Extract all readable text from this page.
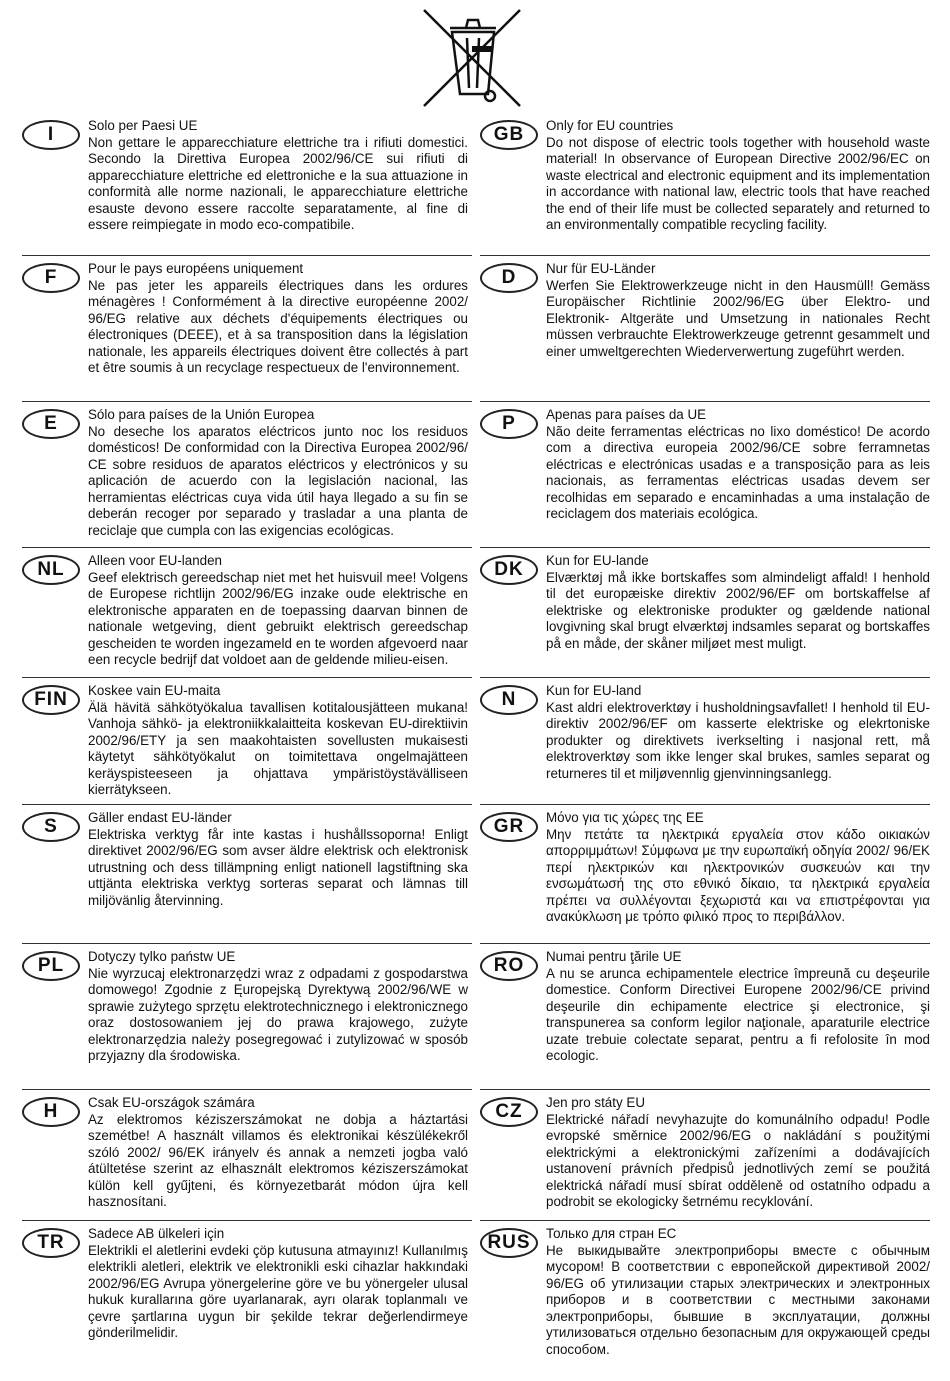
I	Solo per Paesi UE
Non gettare le apparecchiature elettriche tra i rifiuti domestici. Secondo la Direttiva Europea 2002/96/CE sui rifiuti di apparecchiature elettriche ed elettroniche e la sua attuazione in conformità alle norme nazionali, le apparecchiature elettriche esauste devono essere raccolte separatamente, al fine di essere reimpiegate in modo eco-compatibile.
F	Pour le pays européens uniquement
Ne pas jeter les appareils électriques dans les ordures ménagères ! Conformément à la directive européenne 2002/ 96/EG relative aux déchets d'équipements électriques ou électroniques (DEEE), et à sa transposition dans la législation nationale, les appareils électriques doivent être collectés à part et être soumis à un recyclage respectueux de l'environnement.
E	Sólo para países de la Unión Europea
No deseche los aparatos eléctricos junto noc los residuos domésticos! De conformidad con la Directiva Europea 2002/96/ CE sobre residuos de aparatos eléctricos y electrónicos y su aplicación de acuerdo con la legislación nacional, las herramientas eléctricas cuya vida útil haya llegado a su fin se deberán recoger por separado y trasladar a una planta de reciclaje que cumpla con las exigencias ecológicas.
NL	Alleen voor EU-landen
Geef elektrisch gereedschap niet met het huisvuil mee! Volgens de Europese richtlijn 2002/96/EG inzake oude elektrische en elektronische apparaten en de toepassing daarvan binnen de nationale wetgeving, dient gebruikt elektrisch gereedschap gescheiden te worden ingezameld en te worden afgevoerd naar een recycle bedrijf dat voldoet aan de geldende milieu-eisen.
FIN	Koskee vain EU-maita
Älä hävitä sähkötyökalua tavallisen kotitalousjätteen mukana! Vanhoja sähkö- ja elektroniikkalaitteita koskevan EU-direktiivin 2002/96/ETY ja sen maakohtaisten sovellusten mukaisesti käytetyt sähkötyökalut on toimitettava ongelmajätteen keräyspisteeseen ja ohjattava ympäristöystävälliseen kierrätykseen.
S	Gäller endast EU-länder
Elektriska verktyg får inte kastas i hushållssoporna! Enligt direktivet 2002/96/EG som avser äldre elektrisk och elektronisk utrustning och dess tillämpning enligt nationell lagstiftning ska uttjänta elektriska verktyg sorteras separat och lämnas till miljövänlig återvinning.
PL	Dotyczy tylko państw UE
Nie wyrzucaj elektronarzędzi wraz z odpadami z gospodarstwa domowego! Zgodnie z Ęuropejską Dyrektywą 2002/96/WE w sprawie zużytego sprzętu elektrotechnicznego i elektronicznego oraz dostosowaniem jej do prawa krajowego, zużyte elektronarzędzia należy posegregować i zutylizować w sposób przyjazny dla środowiska.
H	Csak EU-országok számára
Az elektromos kéziszerszámokat ne dobja a háztartási szemétbe! A használt villamos és elektronikai készülékekről szóló 2002/ 96/EK irányelv és annak a nemzeti jogba való átültetése szerint az elhasznált elektromos kéziszerszámokat külön kell gyűjteni, és környezetbarát módon újra kell hasznosítani.
TR	Sadece AB ülkeleri için
Elektrikli el aletlerini evdeki çöp kutusuna atmayınız! Kullanılmış elektrikli aletleri, elektrik ve elektronikli eski cihazlar hakkındaki 2002/96/EG Avrupa yönergelerine göre ve bu yönergeler ulusal hukuk kurallarına göre uyarlanarak, ayrı olarak toplanmalı ve çevre şartlarına uygun bir şekilde tekrar değerlendirmeye gönderilmelidir.
GB	Only for EU countries
Do not dispose of electric tools together with household waste material! In observance of European Directive 2002/96/EC on waste electrical and electronic equipment and its implementation in accordance with national law, electric tools that have reached the end of their life must be collected separately and returned to an environmentally compatible recycling facility.
D	Nur für EU-Länder
Werfen Sie Elektrowerkzeuge nicht in den Hausmüll! Gemäss Europäischer Richtlinie 2002/96/EG über Elektro- und Elektronik- Altgeräte und Umsetzung in nationales Recht müssen verbrauchte Elektrowerkzeuge getrennt gesammelt und einer umweltgerechten Wiederverwertung zugeführt werden.
P	Apenas para países da UE
Não deite ferramentas eléctricas no lixo doméstico! De acordo com a directiva europeia 2002/96/CE sobre ferramnetas eléctricas e electrónicas usadas e a transposição para as leis nacionais, as ferramentas eléctricas usadas devem ser recolhidas em separado e encaminhadas a uma instalação de reciclagem dos materiais ecológica.
DK	Kun for EU-lande
Elværktøj må ikke bortskaffes som almindeligt affald! I henhold til det europæiske direktiv 2002/96/EF om bortskaffelse af elektriske og elektroniske produkter og gældende national lovgivning skal brugt elværktøj indsamles separat og bortskaffes på en måde, der skåner miljøet mest muligt.
N	Kun for EU-land
Kast aldri elektroverktøy i husholdningsavfallet! I henhold til EU-direktiv 2002/96/EF om kasserte elektriske og elekrtoniske produkter og direktivets iverkselting i nasjonal rett, må elektroverktøy som ikke lenger skal brukes, samles separat og returneres til et miljøvennlig gjenvinningsanlegg.
GR	Μόνο για τις χώρες της ΕΕ
Μην πετάτε τα ηλεκτρικά εργαλεία στον κάδο οικιακών απορριμμάτων! Σύμφωνα με την ευρωπαϊκή οδηγία 2002/ 96/ΕΚ περί ηλεκτρικών και ηλεκτρονικών συσκευών και την ενσωμάτωσή της στο εθνικό δίκαιο, τα ηλεκτρικά εργαλεία πρέπει να συλλέγονται ξεχωριστά και να επιστρέφονται για ανακύκλωση με τρόπο φιλικό προς το περιβάλλον.
RO	Numai pentru ţările UE
A nu se arunca echipamentele electrice împreună cu deşeurile domestice. Conform Directivei Europene 2002/96/CE privind deşeurile din echipamente electrice şi electronice, şi transpunerea sa conform legilor naţionale, aparaturile electrice uzate trebuie colectate separat, pentru a fi refolosite în mod ecologic.
CZ	Jen pro státy EU
Elektrické nářadí nevyhazujte do komunálního odpadu! Podle evropské směrnice 2002/96/EG o nakládání s použitými elektrickými a elektronickými zařízeními a dodávajících ustanovení právních předpisů jednotlivých zemí se použitá elektrická nářadí musí sbírat odděleně od ostatního odpadu a podrobit se ekologicky šetrnému recyklování.
RUS	Только для стран ЕС
Не выкидывайте электроприборы вместе с обычным мусором! В соответствии с европейской директивой 2002/ 96/EG об утилизации старых электрических и электронных приборов и в соответствии с местными законами электроприборы, бывшие в эксплуатации, должны утилизоваться отдельно безопасным для окружающей среды способом.
